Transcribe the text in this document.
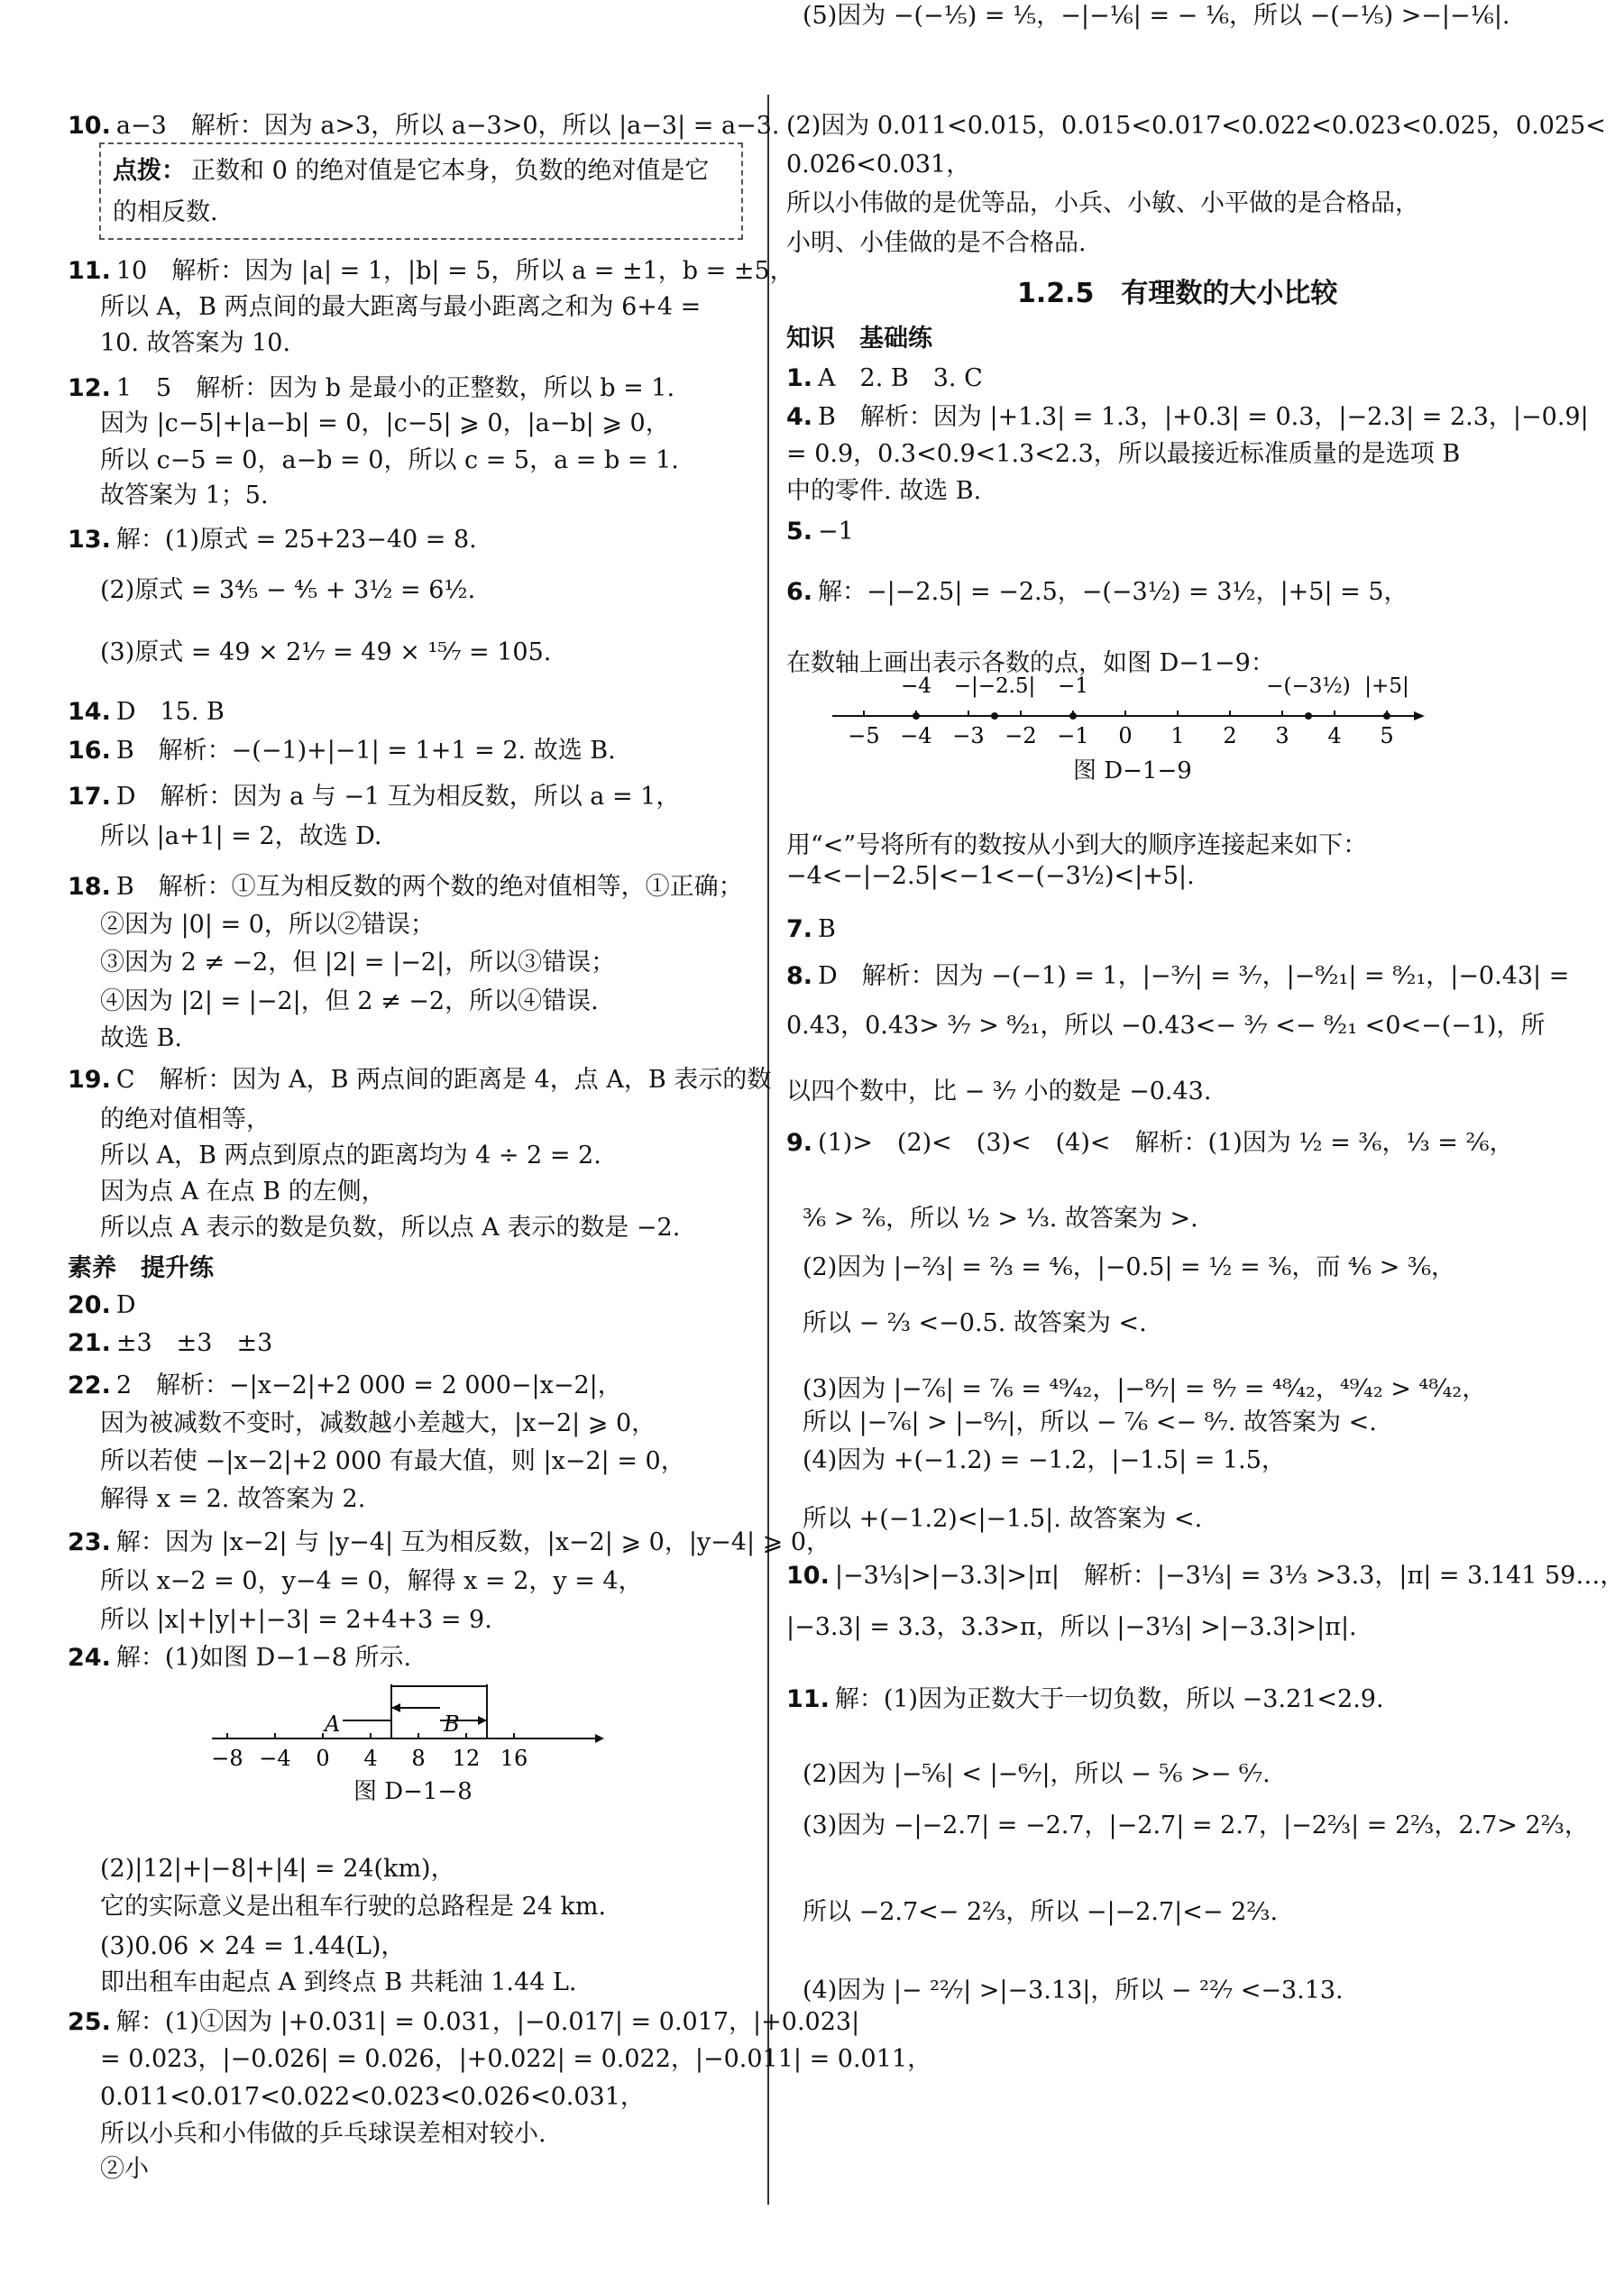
10. a−3　解析：因为 a>3，所以 a−3>0，所以 |a−3| = a−3.
点拨： 正数和 0 的绝对值是它本身，负数的绝对值是它
的相反数.
11. 10　解析：因为 |a| = 1，|b| = 5，所以 a = ±1，b = ±5，
所以 A，B 两点间的最大距离与最小距离之和为 6+4 =
10. 故答案为 10.
12. 1　5　解析：因为 b 是最小的正整数，所以 b = 1.
因为 |c−5|+|a−b| = 0，|c−5| ⩾ 0，|a−b| ⩾ 0，
所以 c−5 = 0，a−b = 0，所以 c = 5，a = b = 1.
故答案为 1；5.
13. 解：(1)原式 = 25+23−40 = 8.
(2)原式 = 3⁴⁄₅ − ⁴⁄₅ + 3½ = 6½.
(3)原式 = 49 × 2¹⁄₇ = 49 × ¹⁵⁄₇ = 105.
14. D　15. B
16. B　解析：−(−1)+|−1| = 1+1 = 2. 故选 B.
17. D　解析：因为 a 与 −1 互为相反数，所以 a = 1，
所以 |a+1| = 2，故选 D.
18. B　解析：①互为相反数的两个数的绝对值相等，①正确；
②因为 |0| = 0，所以②错误；
③因为 2 ≠ −2，但 |2| = |−2|，所以③错误；
④因为 |2| = |−2|，但 2 ≠ −2，所以④错误.
故选 B.
19. C　解析：因为 A，B 两点间的距离是 4，点 A，B 表示的数
的绝对值相等，
所以 A，B 两点到原点的距离均为 4 ÷ 2 = 2.
因为点 A 在点 B 的左侧，
所以点 A 表示的数是负数，所以点 A 表示的数是 −2.
素养　提升练
20. D
21. ±3　±3　±3
22. 2　解析：−|x−2|+2 000 = 2 000−|x−2|，
因为被减数不变时，减数越小差越大，|x−2| ⩾ 0，
所以若使 −|x−2|+2 000 有最大值，则 |x−2| = 0，
解得 x = 2. 故答案为 2.
23. 解：因为 |x−2| 与 |y−4| 互为相反数，|x−2| ⩾ 0，|y−4| ⩾ 0，
所以 x−2 = 0，y−4 = 0，解得 x = 2，y = 4，
所以 |x|+|y|+|−3| = 2+4+3 = 9.
24. 解：(1)如图 D−1−8 所示.
(2)|12|+|−8|+|4| = 24(km)，
它的实际意义是出租车行驶的总路程是 24 km.
(3)0.06 × 24 = 1.44(L)，
即出租车由起点 A 到终点 B 共耗油 1.44 L.
25. 解：(1)①因为 |+0.031| = 0.031，|−0.017| = 0.017，|+0.023|
= 0.023，|−0.026| = 0.026，|+0.022| = 0.022，|−0.011| = 0.011，
0.011<0.017<0.022<0.023<0.026<0.031，
所以小兵和小伟做的乒乓球误差相对较小.
②小
(2)因为 0.011<0.015，0.015<0.017<0.022<0.023<0.025，0.025<
0.026<0.031，
所以小伟做的是优等品，小兵、小敏、小平做的是合格品，
小明、小佳做的是不合格品.
知识　基础练
1. A　2. B　3. C
4. B　解析：因为 |+1.3| = 1.3，|+0.3| = 0.3，|−2.3| = 2.3，|−0.9|
= 0.9，0.3<0.9<1.3<2.3，所以最接近标准质量的是选项 B
中的零件. 故选 B.
5. −1
6. 解：−|−2.5| = −2.5，−(−3½) = 3½，|+5| = 5，
在数轴上画出表示各数的点，如图 D−1−9：
用“<”号将所有的数按从小到大的顺序连接起来如下：
−4<−|−2.5|<−1<−(−3½)<|+5|.
7. B
8. D　解析：因为 −(−1) = 1，|−³⁄₇| = ³⁄₇，|−⁸⁄₂₁| = ⁸⁄₂₁，|−0.43| =
0.43，0.43> ³⁄₇ > ⁸⁄₂₁，所以 −0.43<− ³⁄₇ <− ⁸⁄₂₁ <0<−(−1)，所
以四个数中，比 − ³⁄₇ 小的数是 −0.43.
9. (1)>　(2)<　(3)<　(4)<　解析：(1)因为 ½ = ³⁄₆，⅓ = ²⁄₆，
³⁄₆ > ²⁄₆，所以 ½ > ⅓. 故答案为 >.
(2)因为 |−⅔| = ⅔ = ⁴⁄₆，|−0.5| = ½ = ³⁄₆，而 ⁴⁄₆ > ³⁄₆，
所以 − ⅔ <−0.5. 故答案为 <.
(3)因为 |−⁷⁄₆| = ⁷⁄₆ = ⁴⁹⁄₄₂，|−⁸⁄₇| = ⁸⁄₇ = ⁴⁸⁄₄₂，⁴⁹⁄₄₂ > ⁴⁸⁄₄₂，
所以 |−⁷⁄₆| > |−⁸⁄₇|，所以 − ⁷⁄₆ <− ⁸⁄₇. 故答案为 <.
(4)因为 +(−1.2) = −1.2，|−1.5| = 1.5，
所以 +(−1.2)<|−1.5|. 故答案为 <.
10. |−3⅓|>|−3.3|>|π|　解析：|−3⅓| = 3⅓ >3.3，|π| = 3.141 59…，
|−3.3| = 3.3，3.3>π，所以 |−3⅓| >|−3.3|>|π|.
11. 解：(1)因为正数大于一切负数，所以 −3.21<2.9.
(2)因为 |−⁵⁄₆| < |−⁶⁄₇|，所以 − ⁵⁄₆ >− ⁶⁄₇.
(3)因为 −|−2.7| = −2.7，|−2.7| = 2.7，|−2⅔| = 2⅔，2.7> 2⅔，
所以 −2.7<− 2⅔，所以 −|−2.7|<− 2⅔.
(4)因为 |− ²²⁄₇| >|−3.13|，所以 − ²²⁄₇ <−3.13.
(5)因为 −(−⅕) = ⅕，−|−⅙| = − ⅙，所以 −(−⅕) >−|−⅙|.
1.2.5　有理数的大小比较
−8 −4 0 4 8 12 16
A	B
图 D−1−8
−5 −4 −3 −2 −1 0 1 2 3 4 5
−4 −|−2.5| −1	−(−3½) |+5|
图 D−1−9
